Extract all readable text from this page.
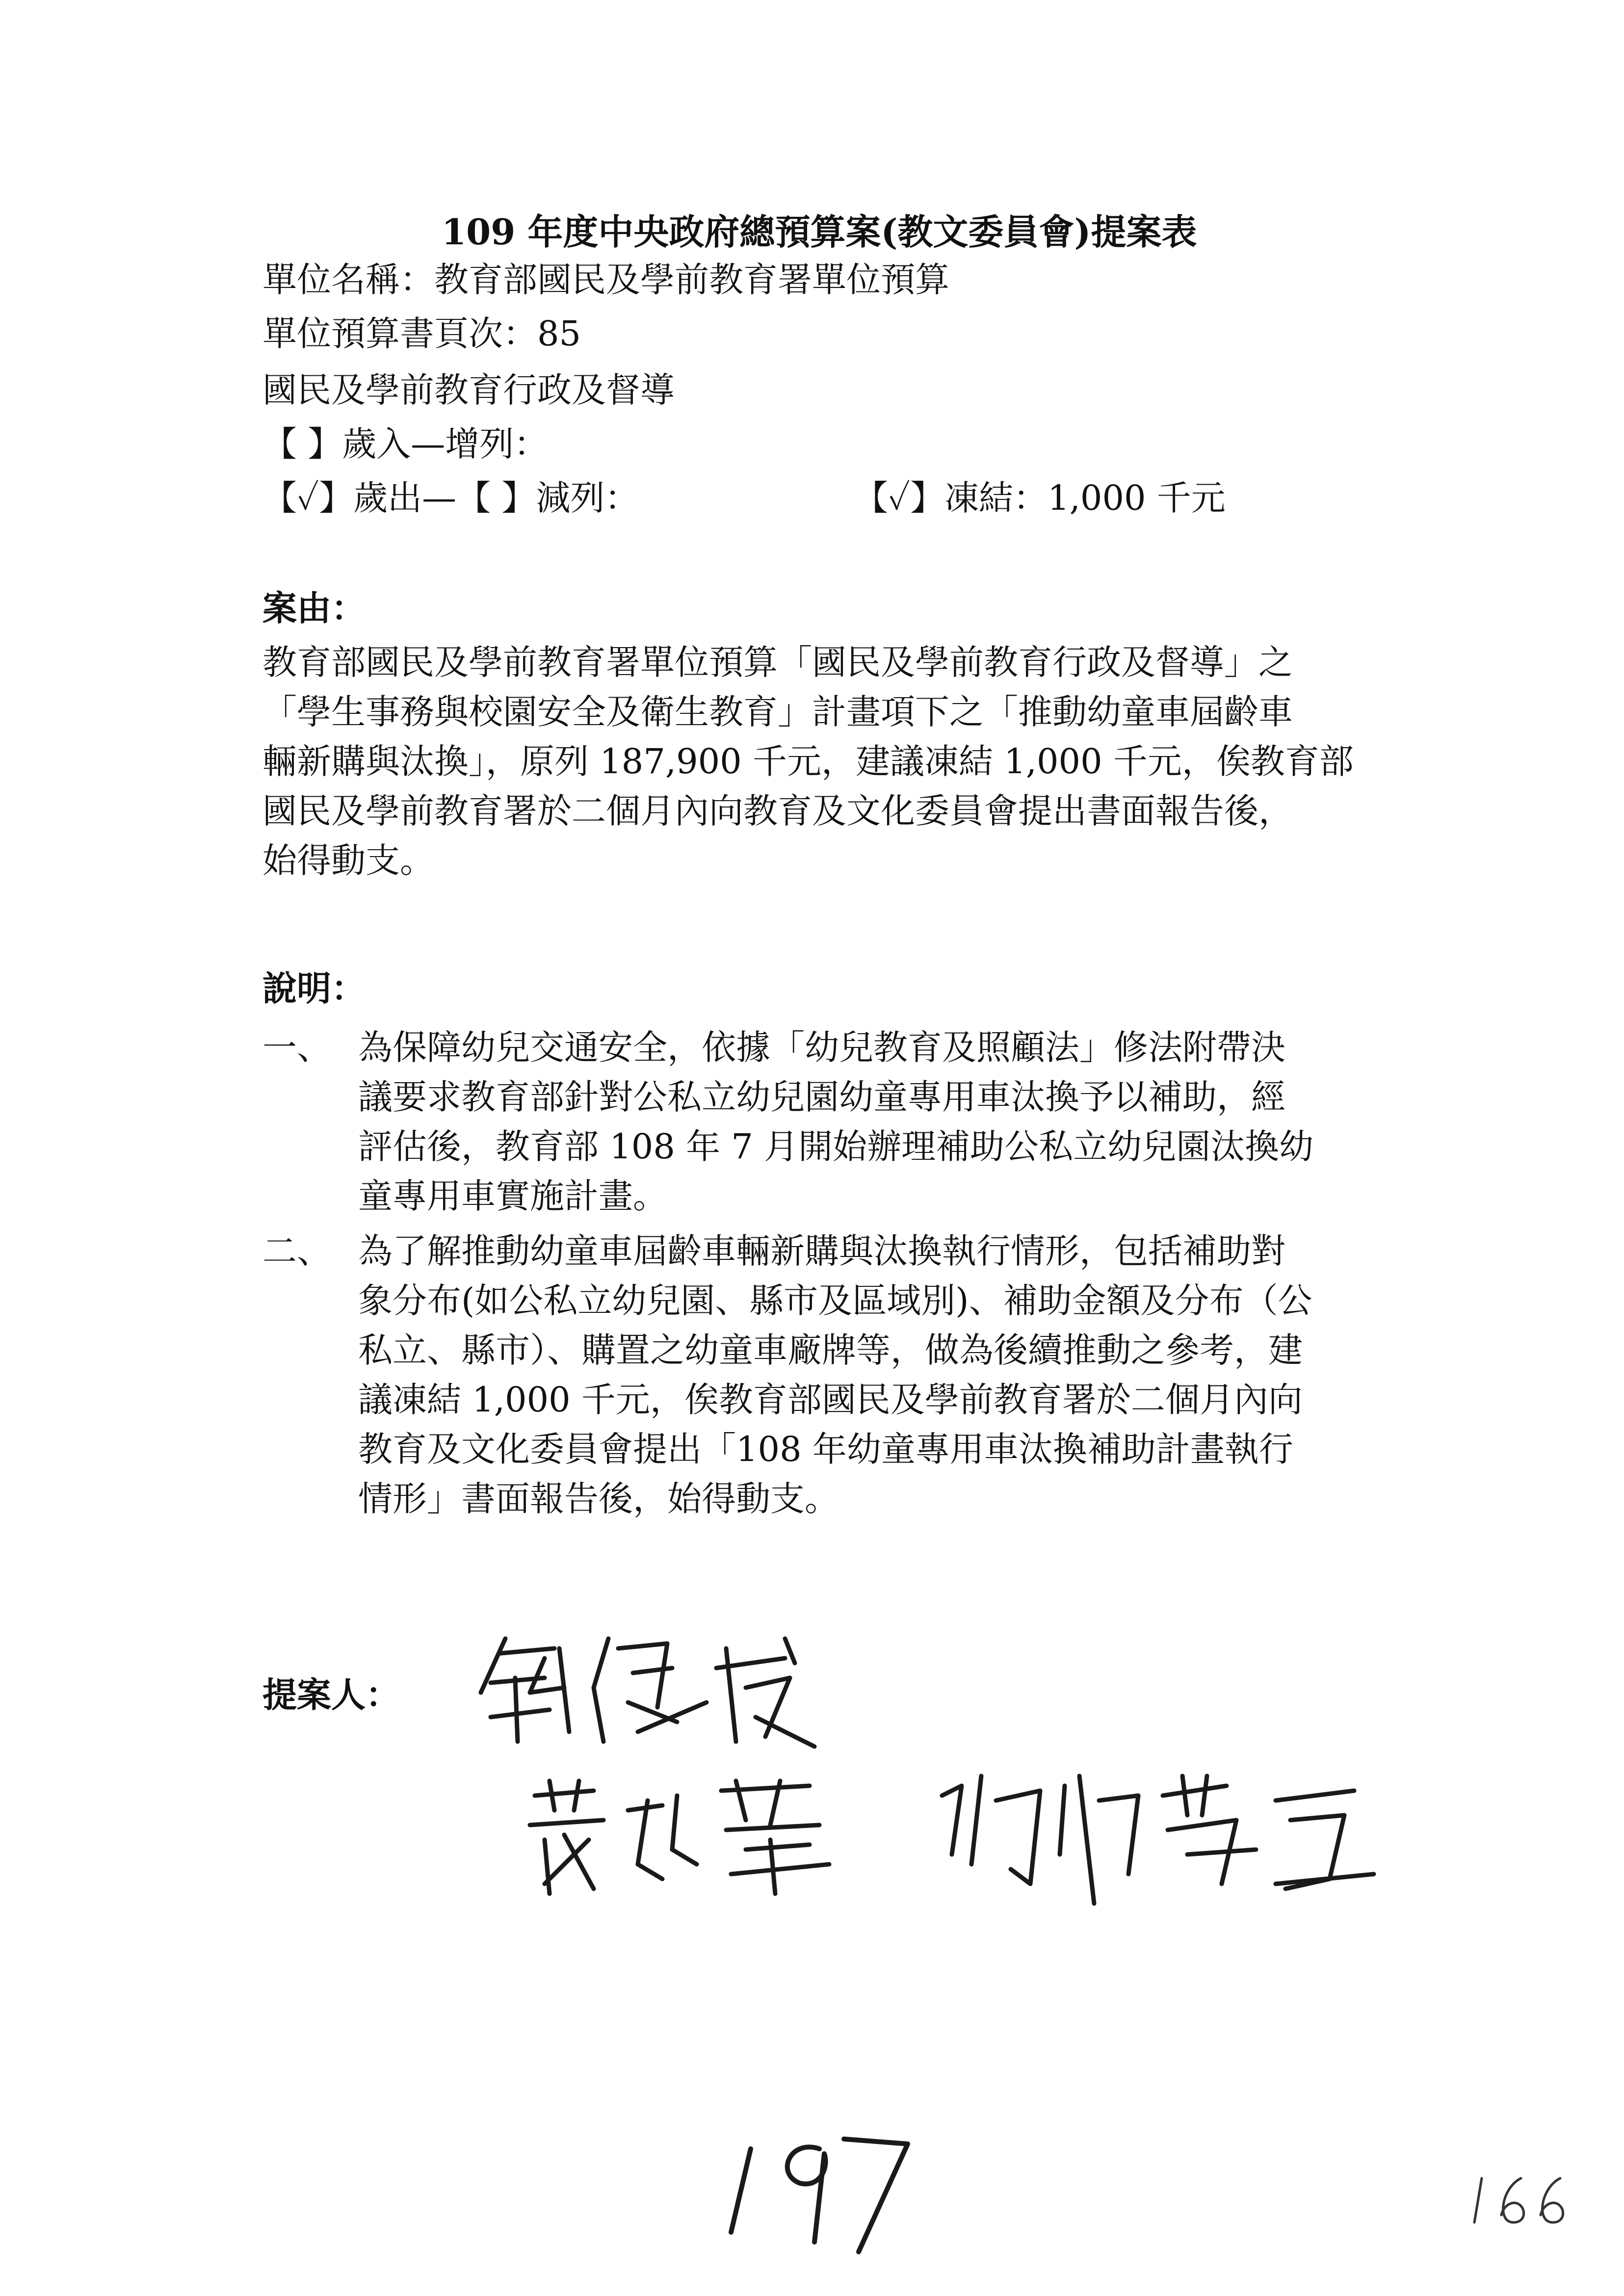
109 年度中央政府總預算案(教文委員會)提案表
單位名稱：教育部國民及學前教育署單位預算
單位預算書頁次：85
國民及學前教育行政及督導
【 】歲入—增列：
【✓】歲出—【 】減列：	【✓】凍結：1,000 千元
案由：
教育部國民及學前教育署單位預算「國民及學前教育行政及督導」之
「學生事務與校園安全及衛生教育」計畫項下之「推動幼童車屆齡車
輛新購與汰換」，原列 187,900 千元，建議凍結 1,000 千元，俟教育部
國民及學前教育署於二個月內向教育及文化委員會提出書面報告後，
始得動支。
說明：
一、 為保障幼兒交通安全，依據「幼兒教育及照顧法」修法附帶決
議要求教育部針對公私立幼兒園幼童專用車汰換予以補助，經
評估後，教育部 108 年 7 月開始辦理補助公私立幼兒園汰換幼
童專用車實施計畫。
二、 為了解推動幼童車屆齡車輛新購與汰換執行情形，包括補助對
象分布(如公私立幼兒園、縣市及區域別)、補助金額及分布（公
私立、縣市）、購置之幼童車廠牌等，做為後續推動之參考，建
議凍結 1,000 千元，俟教育部國民及學前教育署於二個月內向
教育及文化委員會提出「108 年幼童專用車汰換補助計畫執行
情形」書面報告後，始得動支。
提案人：
